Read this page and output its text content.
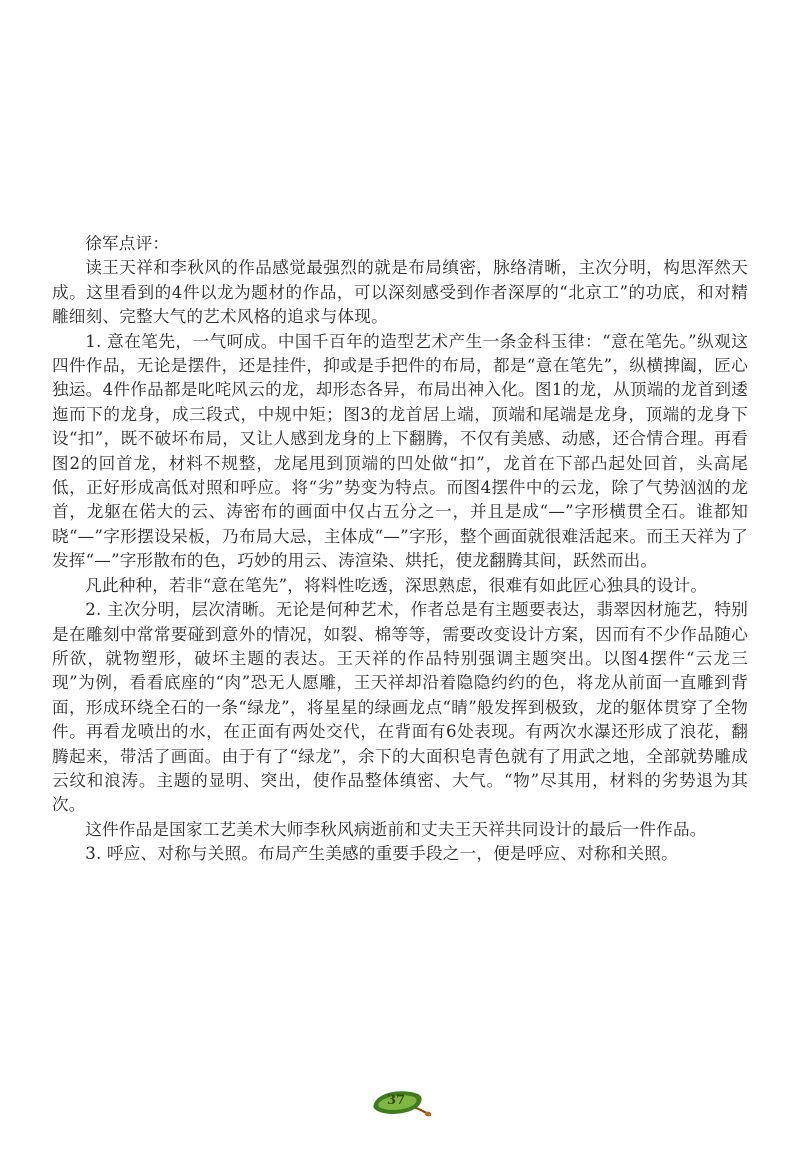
徐军点评：

读王天祥和李秋风的作品感觉最强烈的就是布局缜密，脉络清晰，主次分明，构思浑然天成。这里看到的4件以龙为题材的作品，可以深刻感受到作者深厚的“北京工”的功底，和对精雕细刻、完整大气的艺术风格的追求与体现。

1. 意在笔先，一气呵成。中国千百年的造型艺术产生一条金科玉律：“意在笔先。”纵观这四件作品，无论是摆件，还是挂件，抑或是手把件的布局，都是“意在笔先”，纵横捭阖，匠心独运。4件作品都是叱咤风云的龙，却形态各异，布局出神入化。图1的龙，从顶端的龙首到逶迤而下的龙身，成三段式，中规中矩；图3的龙首居上端，顶端和尾端是龙身，顶端的龙身下设“扣”，既不破坏布局，又让人感到龙身的上下翻腾，不仅有美感、动感，还合情合理。再看图2的回首龙，材料不规整，龙尾甩到顶端的凹处做“扣”，龙首在下部凸起处回首，头高尾低，正好形成高低对照和呼应。将“劣”势变为特点。而图4摆件中的云龙，除了气势汹汹的龙首，龙躯在偌大的云、涛密布的画面中仅占五分之一，并且是成“—”字形横贯全石。谁都知晓“—”字形摆设呆板，乃布局大忌，主体成“—”字形，整个画面就很难活起来。而王天祥为了发挥“—”字形散布的色，巧妙的用云、涛渲染、烘托，使龙翻腾其间，跃然而出。

凡此种种，若非“意在笔先”，将料性吃透，深思熟虑，很难有如此匠心独具的设计。

2. 主次分明，层次清晰。无论是何种艺术，作者总是有主题要表达，翡翠因材施艺，特别是在雕刻中常常要碰到意外的情况，如裂、棉等等，需要改变设计方案，因而有不少作品随心所欲，就物塑形，破坏主题的表达。王天祥的作品特别强调主题突出。以图4摆件“云龙三现”为例，看看底座的“肉”恐无人愿雕，王天祥却沿着隐隐约约的色，将龙从前面一直雕到背面，形成环绕全石的一条“绿龙”，将星星的绿画龙点“睛”般发挥到极致，龙的躯体贯穿了全物件。再看龙喷出的水，在正面有两处交代，在背面有6处表现。有两次水瀑还形成了浪花，翻腾起来，带活了画面。由于有了“绿龙”，余下的大面积皂青色就有了用武之地，全部就势雕成云纹和浪涛。主题的显明、突出，使作品整体缜密、大气。“物”尽其用，材料的劣势退为其次。

这件作品是国家工艺美术大师李秋风病逝前和丈夫王天祥共同设计的最后一件作品。

3. 呼应、对称与关照。布局产生美感的重要手段之一，便是呼应、对称和关照。

37
